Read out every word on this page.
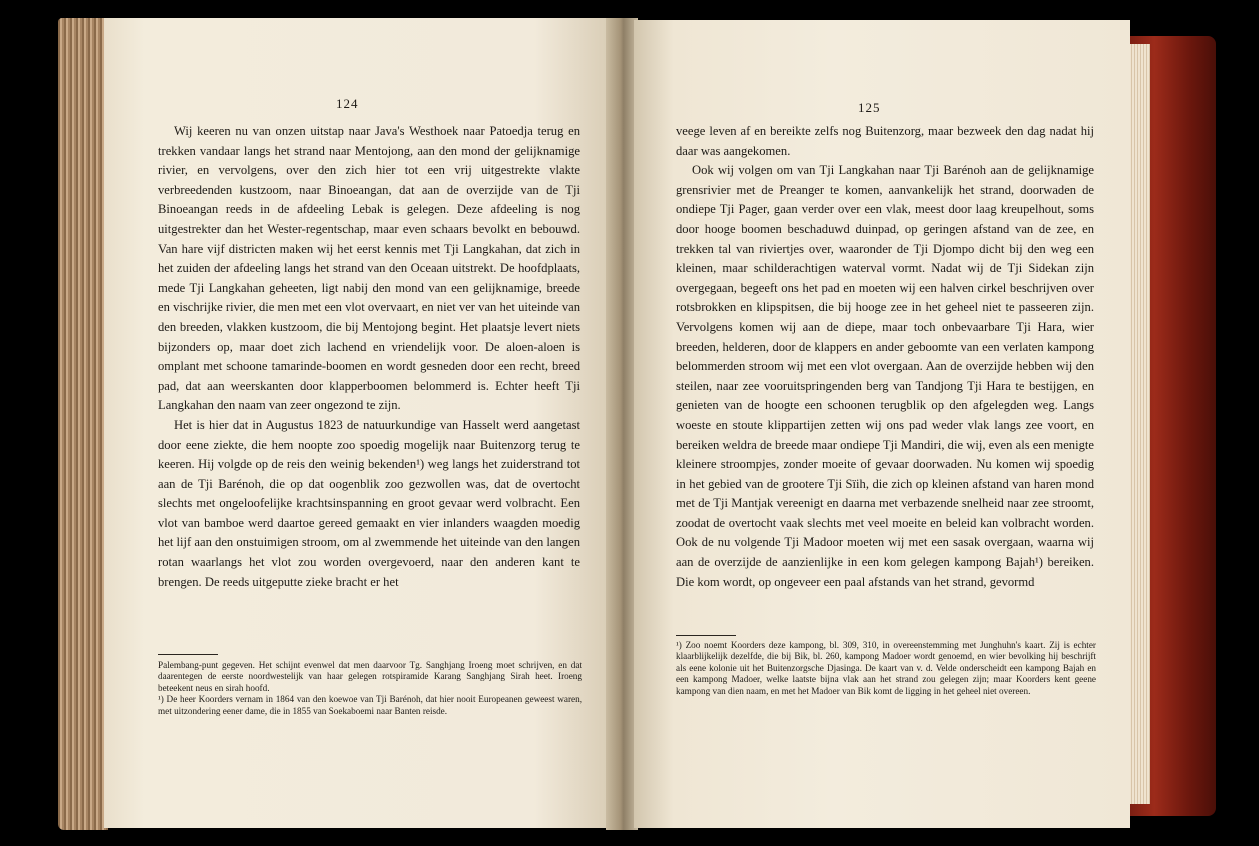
124

Wij keeren nu van onzen uitstap naar Java's Westhoek naar Patoedja terug en trekken vandaar langs het strand naar Mentojong, aan den mond der gelijknamige rivier, en vervolgens, over den zich hier tot een vrij uitgestrekte vlakte verbreedenden kustzoom, naar Binoeangan, dat aan de overzijde van de Tji Binoeangan reeds in de afdeeling Lebak is gelegen. Deze afdeeling is nog uitgestrekter dan het Wester-regentschap, maar even schaars bevolkt en bebouwd. Van hare vijf districten maken wij het eerst kennis met Tji Langkahan, dat zich in het zuiden der afdeeling langs het strand van den Oceaan uitstrekt. De hoofdplaats, mede Tji Langkahan geheeten, ligt nabij den mond van een gelijknamige, breede en vischrijke rivier, die men met een vlot overvaart, en niet ver van het uiteinde van den breeden, vlakken kustzoom, die bij Mentojong begint. Het plaatsje levert niets bijzonders op, maar doet zich lachend en vriendelijk voor. De aloen-aloen is omplant met schoone tamarinde-boomen en wordt gesneden door een recht, breed pad, dat aan weerskanten door klapperboomen belommerd is. Echter heeft Tji Langkahan den naam van zeer ongezond te zijn.

Het is hier dat in Augustus 1823 de natuurkundige van Hasselt werd aangetast door eene ziekte, die hem noopte zoo spoedig mogelijk naar Buitenzorg terug te keeren. Hij volgde op de reis den weinig bekenden¹) weg langs het zuiderstrand tot aan de Tji Barénoh, die op dat oogenblik zoo gezwollen was, dat de overtocht slechts met ongeloofelijke krachtsinspanning en groot gevaar werd volbracht. Een vlot van bamboe werd daartoe gereed gemaakt en vier inlanders waagden moedig het lijf aan den onstuimigen stroom, om al zwemmende het uiteinde van den langen rotan waarlangs het vlot zou worden overgevoerd, naar den anderen kant te brengen. De reeds uitgeputte zieke bracht er het

Palembang-punt gegeven. Het schijnt evenwel dat men daarvoor Tg. Sanghjang Iroeng moet schrijven, en dat daarentegen de eerste noordwestelijk van haar gelegen rotspiramide Karang Sanghjang Sirah heet. Iroeng beteekent neus en sirah hoofd.

¹) De heer Koorders vernam in 1864 van den koewoe van Tji Barénoh, dat hier nooit Europeanen geweest waren, met uitzondering eener dame, die in 1855 van Soekaboemi naar Banten reisde.

125

veege leven af en bereikte zelfs nog Buitenzorg, maar bezweek den dag nadat hij daar was aangekomen.

Ook wij volgen om van Tji Langkahan naar Tji Barénoh aan de gelijknamige grensrivier met de Preanger te komen, aanvankelijk het strand, doorwaden de ondiepe Tji Pager, gaan verder over een vlak, meest door laag kreupelhout, soms door hooge boomen beschaduwd duinpad, op geringen afstand van de zee, en trekken tal van riviertjes over, waaronder de Tji Djompo dicht bij den weg een kleinen, maar schilderachtigen waterval vormt. Nadat wij de Tji Sidekan zijn overgegaan, begeeft ons het pad en moeten wij een halven cirkel beschrijven over rotsbrokken en klipspitsen, die bij hooge zee in het geheel niet te passeeren zijn. Vervolgens komen wij aan de diepe, maar toch onbevaarbare Tji Hara, wier breeden, helderen, door de klappers en ander geboomte van een verlaten kampong belommerden stroom wij met een vlot overgaan. Aan de overzijde hebben wij den steilen, naar zee vooruitspringenden berg van Tandjong Tji Hara te bestijgen, en genieten van de hoogte een schoonen terugblik op den afgelegden weg. Langs woeste en stoute klippartijen zetten wij ons pad weder vlak langs zee voort, en bereiken weldra de breede maar ondiepe Tji Mandiri, die wij, even als een menigte kleinere stroompjes, zonder moeite of gevaar doorwaden. Nu komen wij spoedig in het gebied van de grootere Tji Sïih, die zich op kleinen afstand van haren mond met de Tji Mantjak vereenigt en daarna met verbazende snelheid naar zee stroomt, zoodat de overtocht vaak slechts met veel moeite en beleid kan volbracht worden. Ook de nu volgende Tji Madoor moeten wij met een sasak overgaan, waarna wij aan de overzijde de aanzienlijke in een kom gelegen kampong Bajah¹) bereiken. Die kom wordt, op ongeveer een paal afstands van het strand, gevormd

¹) Zoo noemt Koorders deze kampong, bl. 309, 310, in overeenstemming met Junghuhn's kaart. Zij is echter klaarblijkelijk dezelfde, die bij Bik, bl. 260, kampong Madoer wordt genoemd, en wier bevolking hij beschrijft als eene kolonie uit het Buitenzorgsche Djasinga. De kaart van v. d. Velde onderscheidt een kampong Bajah en een kampong Madoer, welke laatste bijna vlak aan het strand zou gelegen zijn; maar Koorders kent geene kampong van dien naam, en met het Madoer van Bik komt de ligging in het geheel niet overeen.
